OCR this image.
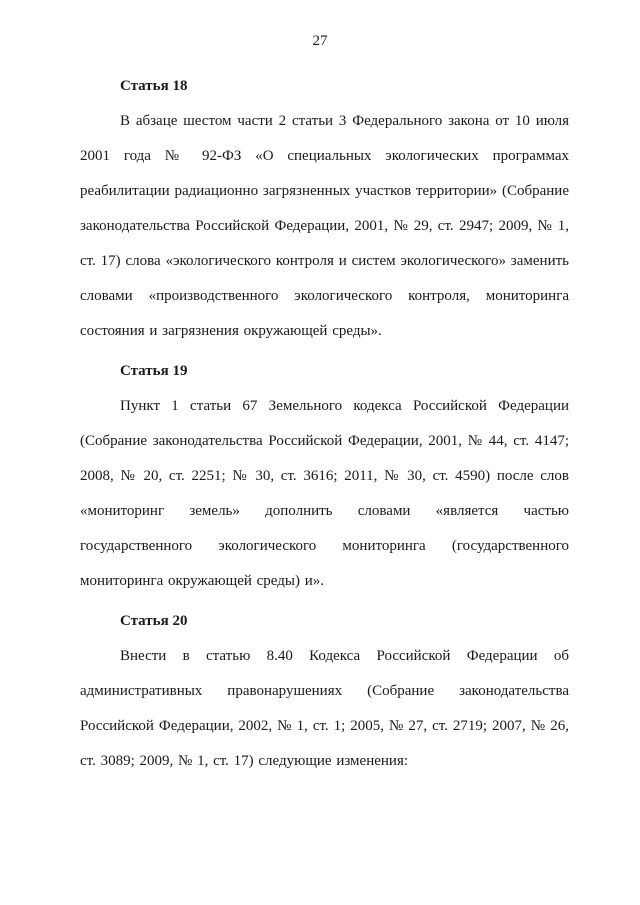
27
Статья 18

В абзаце шестом части 2 статьи 3 Федерального закона от 10 июля 2001 года № 92-ФЗ «О специальных экологических программах реабилитации радиационно загрязненных участков территории» (Собрание законодательства Российской Федерации, 2001, № 29, ст. 2947; 2009, № 1, ст. 17) слова «экологического контроля и систем экологического» заменить словами «производственного экологического контроля, мониторинга состояния и загрязнения окружающей среды».

Статья 19

Пункт 1 статьи 67 Земельного кодекса Российской Федерации (Собрание законодательства Российской Федерации, 2001, № 44, ст. 4147; 2008, № 20, ст. 2251; № 30, ст. 3616; 2011, № 30, ст. 4590) после слов «мониторинг земель» дополнить словами «является частью государственного экологического мониторинга (государственного мониторинга окружающей среды) и».

Статья 20

Внести в статью 8.40 Кодекса Российской Федерации об административных правонарушениях (Собрание законодательства Российской Федерации, 2002, № 1, ст. 1; 2005, № 27, ст. 2719; 2007, № 26, ст. 3089; 2009, № 1, ст. 17) следующие изменения:
